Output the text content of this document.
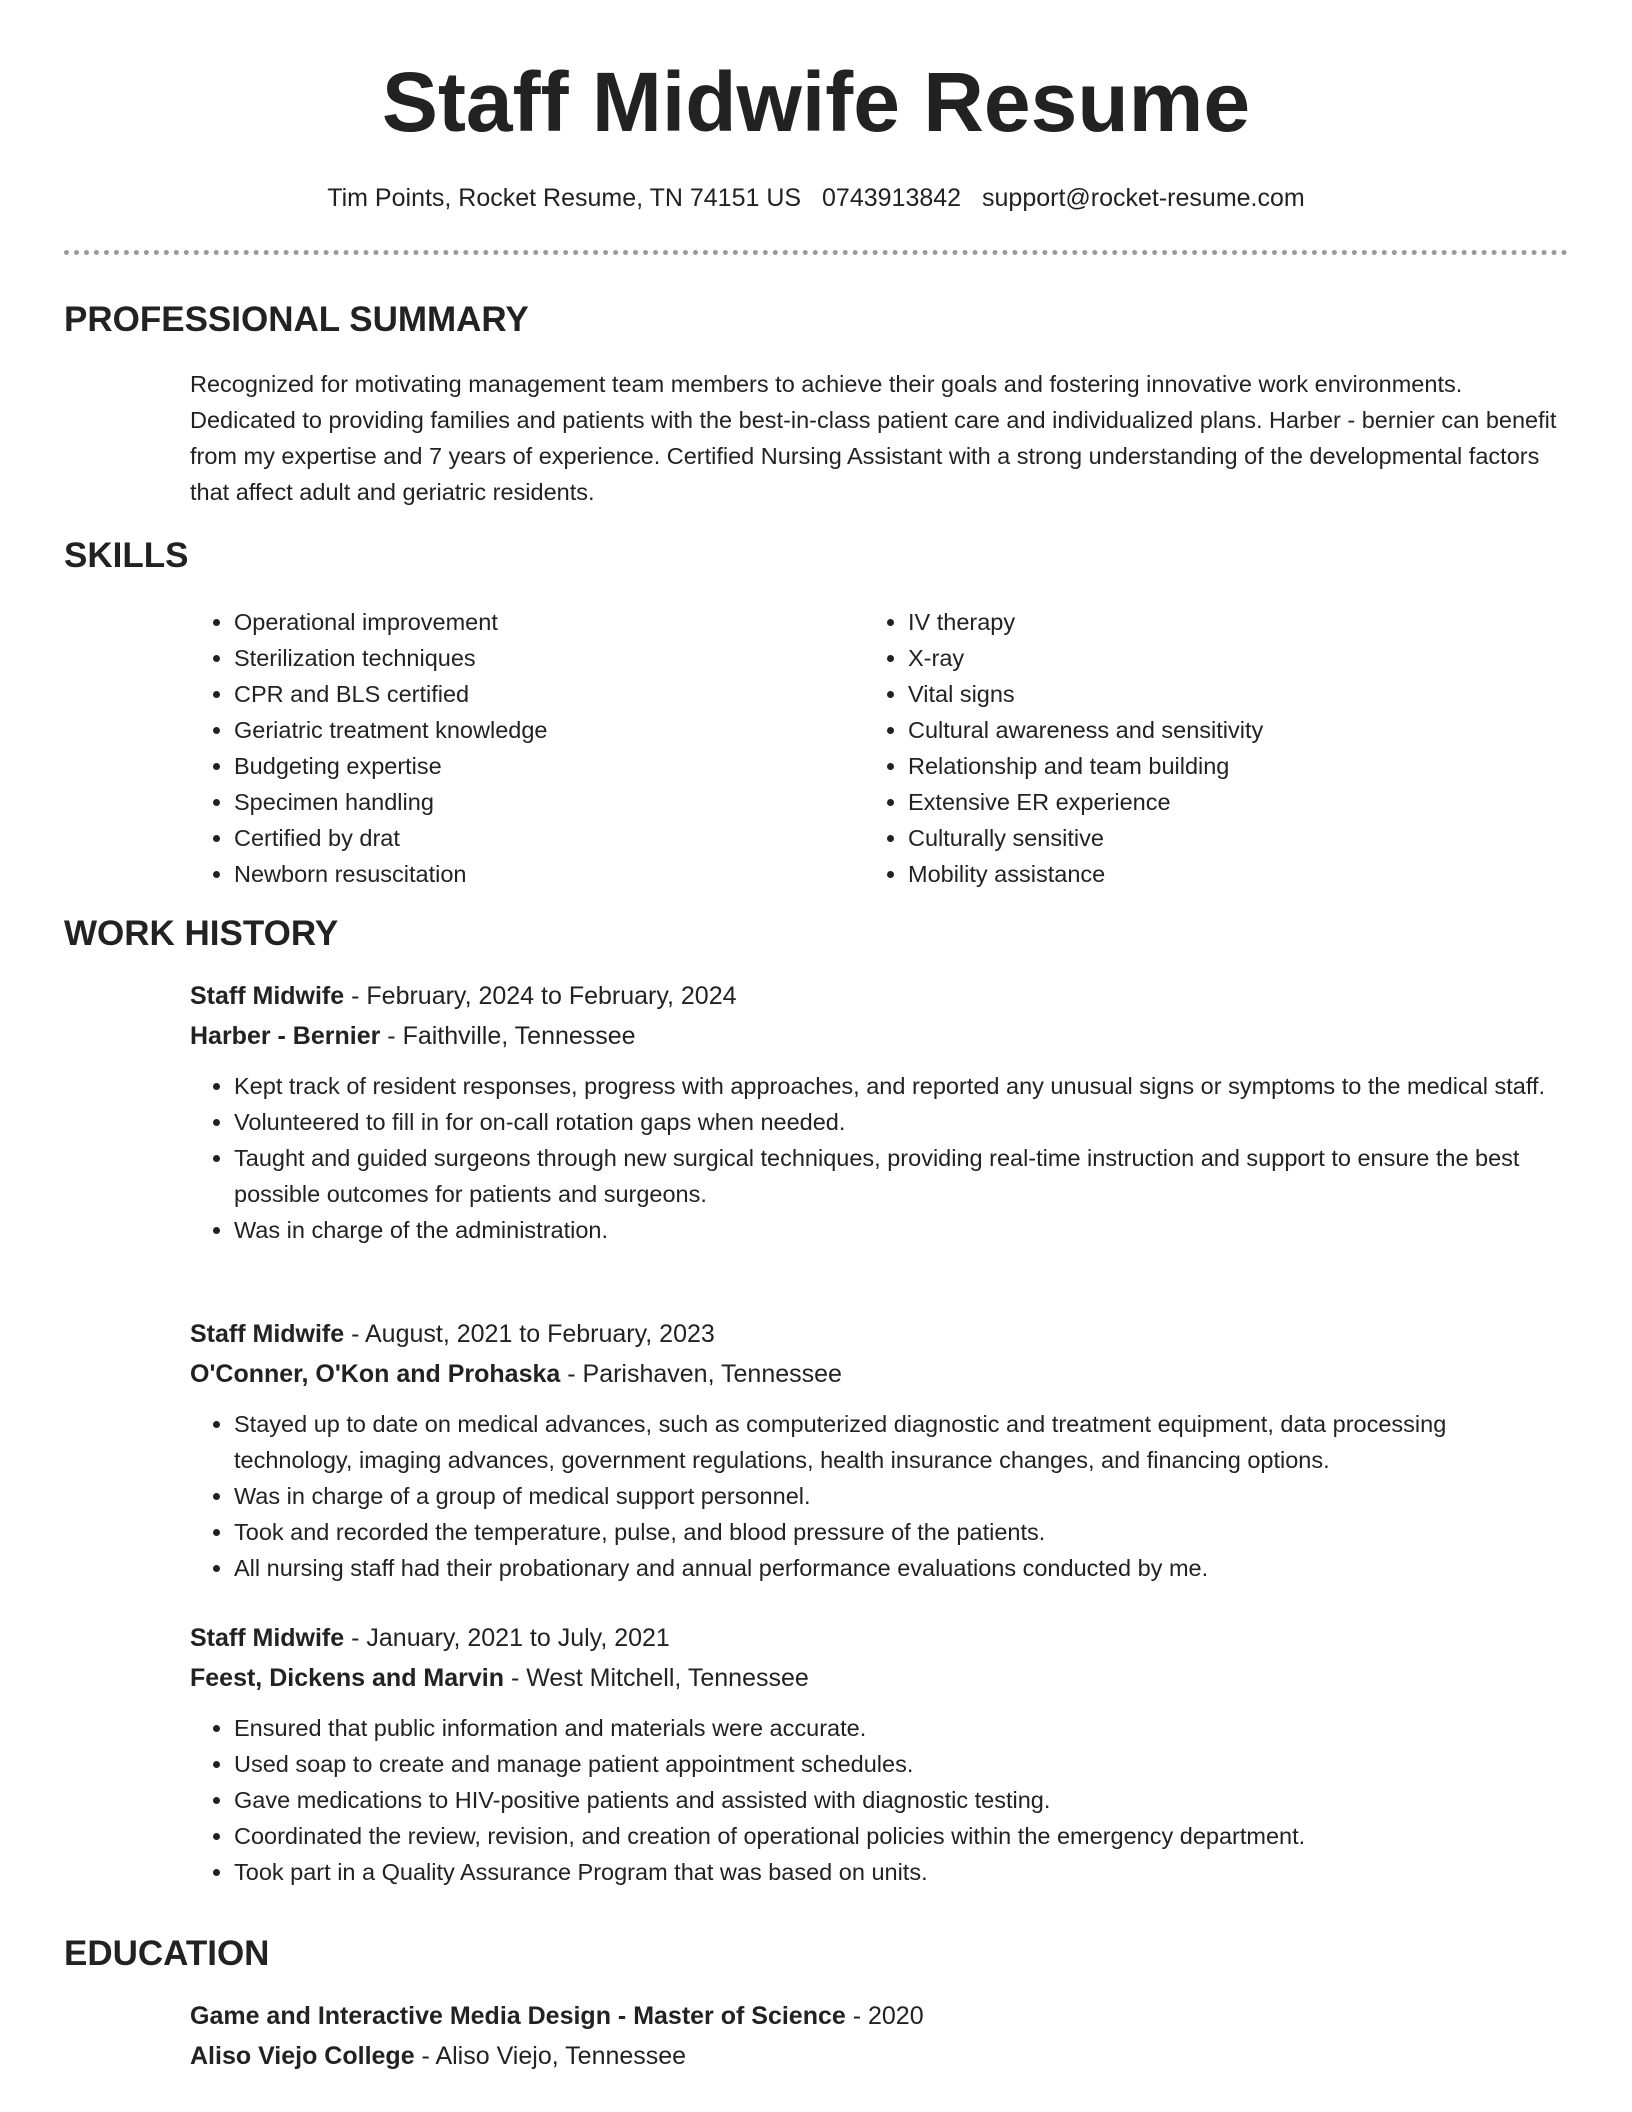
Staff Midwife Resume
Tim Points, Rocket Resume, TN 74151 US 0743913842 support@rocket-resume.com
PROFESSIONAL SUMMARY

Recognized for motivating management team members to achieve their goals and fostering innovative work environments. Dedicated to providing families and patients with the best-in-class patient care and individualized plans. Harber - bernier can benefit from my expertise and 7 years of experience. Certified Nursing Assistant with a strong understanding of the developmental factors that affect adult and geriatric residents.

SKILLS
• Operational improvement
• Sterilization techniques
• CPR and BLS certified
• Geriatric treatment knowledge
• Budgeting expertise
• Specimen handling
• Certified by drat
• Newborn resuscitation
• IV therapy
• X-ray
• Vital signs
• Cultural awareness and sensitivity
• Relationship and team building
• Extensive ER experience
• Culturally sensitive
• Mobility assistance
WORK HISTORY

Staff Midwife - February, 2024 to February, 2024

Harber - Bernier - Faithville, Tennessee

• Kept track of resident responses, progress with approaches, and reported any unusual signs or symptoms to the medical staff.
• Volunteered to fill in for on-call rotation gaps when needed.
• Taught and guided surgeons through new surgical techniques, providing real-time instruction and support to ensure the best possible outcomes for patients and surgeons.
• Was in charge of the administration.

Staff Midwife - August, 2021 to February, 2023

O'Conner, O'Kon and Prohaska - Parishaven, Tennessee

• Stayed up to date on medical advances, such as computerized diagnostic and treatment equipment, data processing technology, imaging advances, government regulations, health insurance changes, and financing options.
• Was in charge of a group of medical support personnel.
• Took and recorded the temperature, pulse, and blood pressure of the patients.
• All nursing staff had their probationary and annual performance evaluations conducted by me.

Staff Midwife - January, 2021 to July, 2021

Feest, Dickens and Marvin - West Mitchell, Tennessee

• Ensured that public information and materials were accurate.
• Used soap to create and manage patient appointment schedules.
• Gave medications to HIV-positive patients and assisted with diagnostic testing.
• Coordinated the review, revision, and creation of operational policies within the emergency department.
• Took part in a Quality Assurance Program that was based on units.
EDUCATION

Game and Interactive Media Design - Master of Science - 2020

Aliso Viejo College - Aliso Viejo, Tennessee
